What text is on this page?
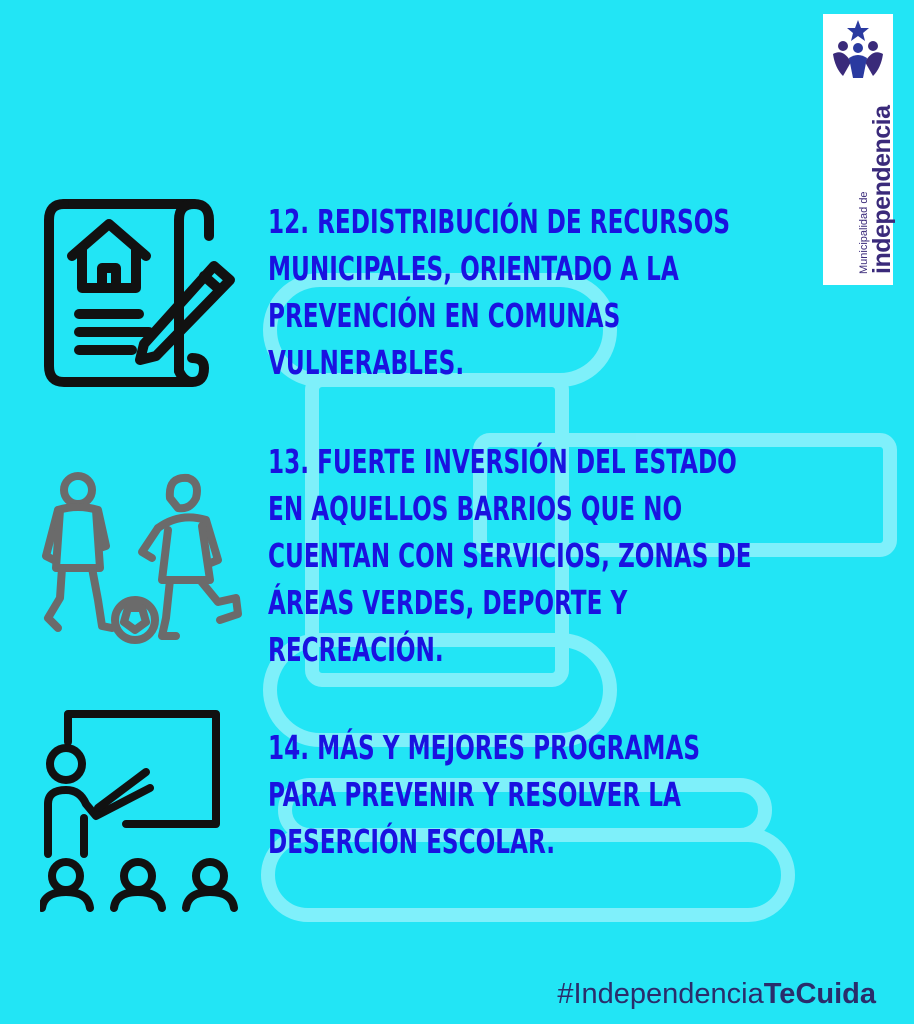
Municipalidad de
independencia
12. REDISTRIBUCIÓN DE RECURSOS
MUNICIPALES, ORIENTADO A LA
PREVENCIÓN EN COMUNAS
VULNERABLES.
13. FUERTE INVERSIÓN DEL ESTADO
EN AQUELLOS BARRIOS QUE NO
CUENTAN CON SERVICIOS, ZONAS DE
ÁREAS VERDES, DEPORTE Y
RECREACIÓN.
14. MÁS Y MEJORES PROGRAMAS
PARA PREVENIR Y RESOLVER LA
DESERCIÓN ESCOLAR.
#IndependenciaTeCuida
